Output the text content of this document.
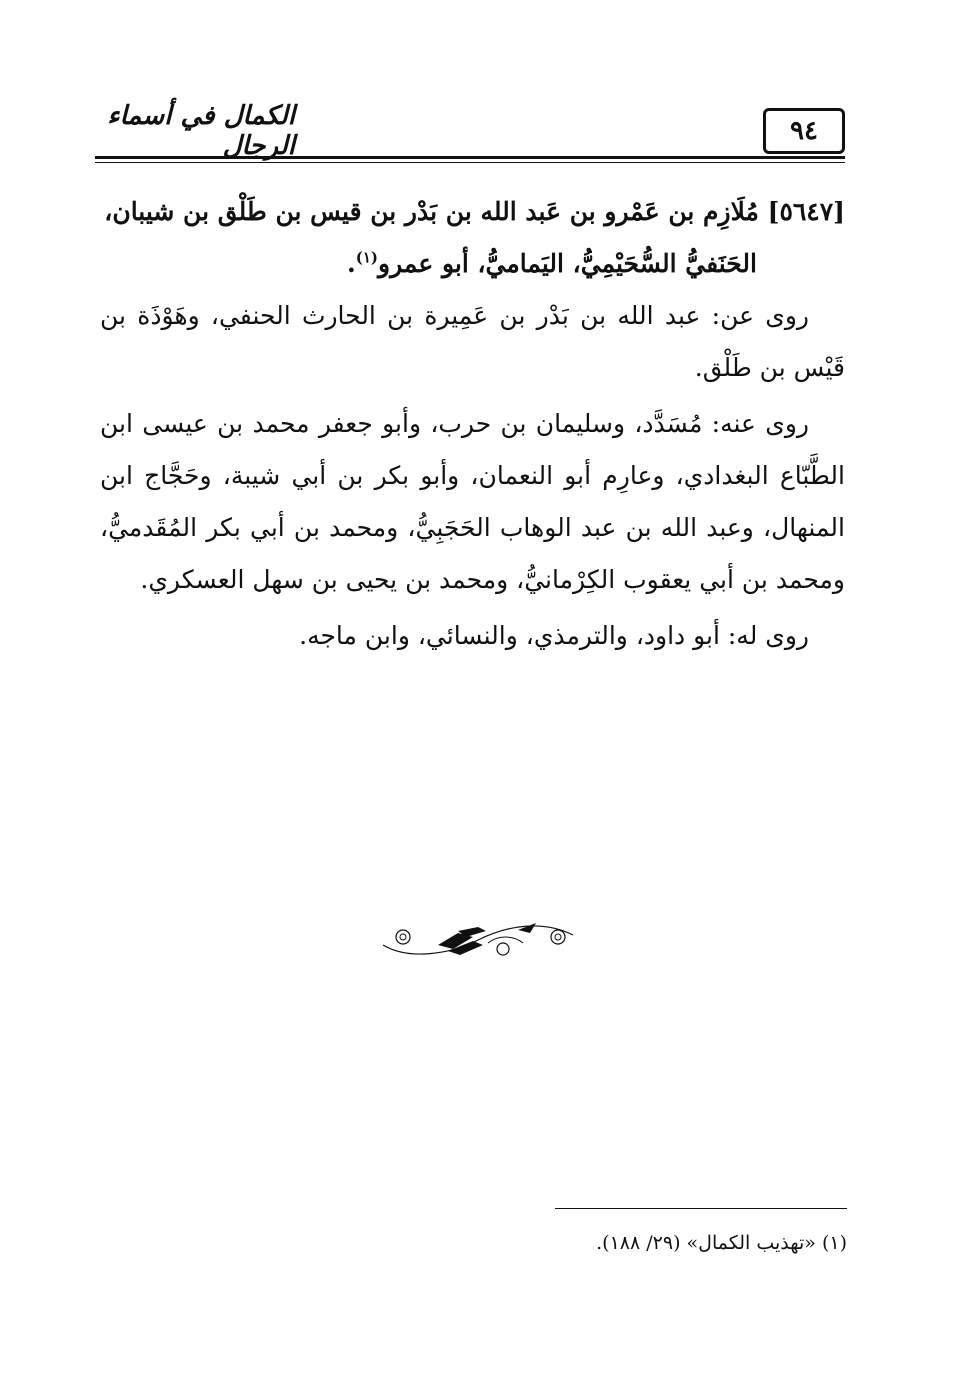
الكمال في أسماء الرجال	٩٤

[٥٦٤٧] مُلَازِم بن عَمْرو بن عَبد الله بن بَدْر بن قيس بن طَلْق بن شيبان،
الحَنَفيُّ السُّحَيْمِيُّ، اليَماميُّ، أبو عمرو$^{(١)}$.

روى عن: عبد الله بن بَدْر بن عَمِيرة بن الحارث الحنفي، وهَوْذَة بن قَيْس بن طَلْق.

روى عنه: مُسَدَّد، وسليمان بن حرب، وأبو جعفر محمد بن عيسى ابن الطَّبّاع البغدادي، وعارِم أبو النعمان، وأبو بكر بن أبي شيبة، وحَجَّاج ابن المنهال، وعبد الله بن عبد الوهاب الحَجَبِيُّ، ومحمد بن أبي بكر المُقَدميُّ، ومحمد بن أبي يعقوب الكِرْمانيُّ، ومحمد بن يحيى بن سهل العسكري.

روى له: أبو داود، والترمذي، والنسائي، وابن ماجه.

(١) «تهذيب الكمال» (٢٩/ ١٨٨).
